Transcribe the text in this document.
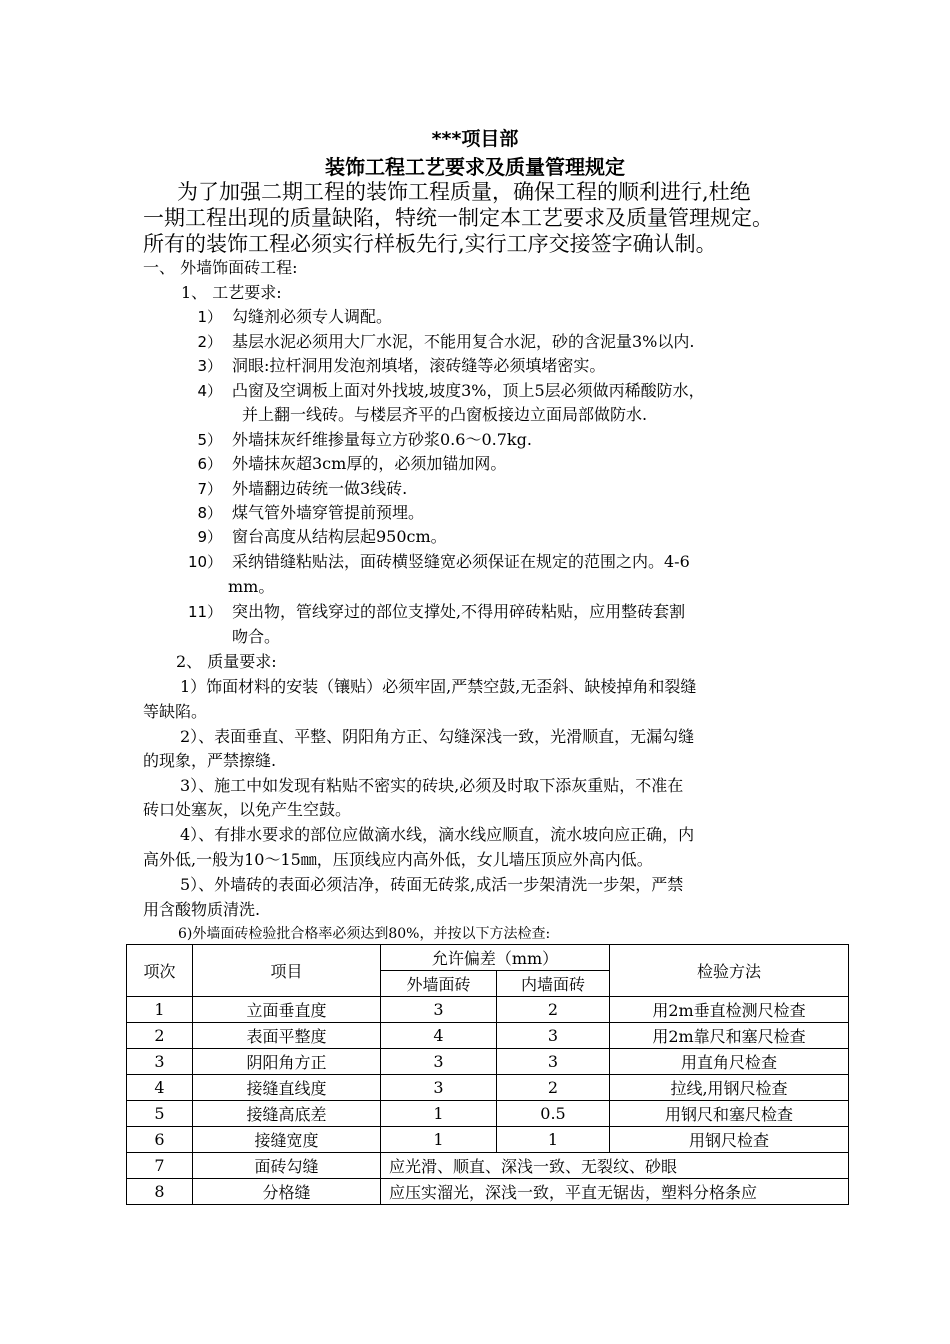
***项目部
装饰工程工艺要求及质量管理规定
为了加强二期工程的装饰工程质量，确保工程的顺利进行,杜绝
一期工程出现的质量缺陷，特统一制定本工艺要求及质量管理规定。
所有的装饰工程必须实行样板先行,实行工序交接签字确认制。
一、 外墙饰面砖工程:
1、 工艺要求:
1） 勾缝剂必须专人调配。
2） 基层水泥必须用大厂水泥，不能用复合水泥，砂的含泥量3%以内.
3） 洞眼:拉杆洞用发泡剂填堵，滚砖缝等必须填堵密实。
4） 凸窗及空调板上面对外找坡,坡度3%，顶上5层必须做丙稀酸防水，
并上翻一线砖。与楼层齐平的凸窗板接边立面局部做防水.
5） 外墙抹灰纤维掺量每立方砂浆0.6～0.7kg.
6） 外墙抹灰超3cm厚的，必须加锚加网。
7） 外墙翻边砖统一做3线砖.
8） 煤气管外墙穿管提前预埋。
9） 窗台高度从结构层起950cm。
10） 采纳错缝粘贴法，面砖横竖缝宽必须保证在规定的范围之内。4-6
mm。
11） 突出物，管线穿过的部位支撑处,不得用碎砖粘贴，应用整砖套割
吻合。
2、 质量要求:
1）饰面材料的安装（镶贴）必须牢固,严禁空鼓,无歪斜、缺棱掉角和裂缝
等缺陷。
2）、表面垂直、平整、阴阳角方正、勾缝深浅一致，光滑顺直，无漏勾缝
的现象，严禁擦缝.
3）、施工中如发现有粘贴不密实的砖块,必须及时取下添灰重贴，不准在
砖口处塞灰，以免产生空鼓。
4）、有排水要求的部位应做滴水线，滴水线应顺直，流水坡向应正确，内
高外低,一般为10～15㎜，压顶线应内高外低，女儿墙压顶应外高内低。
5）、外墙砖的表面必须洁净，砖面无砖浆,成活一步架清洗一步架，严禁
用含酸物质清洗.
6)外墙面砖检验批合格率必须达到80%，并按以下方法检查:
项次	项目	允许偏差（mm）		检验方法
		外墙面砖	内墙面砖	
1	立面垂直度	3	2	用2m垂直检测尺检查
2	表面平整度	4	3	用2m靠尺和塞尺检查
3	阴阳角方正	3	3	用直角尺检查
4	接缝直线度	3	2	拉线,用钢尺检查
5	接缝高底差	1	0.5	用钢尺和塞尺检查
6	接缝宽度	1	1	用钢尺检查
7	面砖勾缝	应光滑、顺直、深浅一致、无裂纹、砂眼		
8	分格缝	应压实溜光，深浅一致，平直无锯齿，塑料分格条应		
